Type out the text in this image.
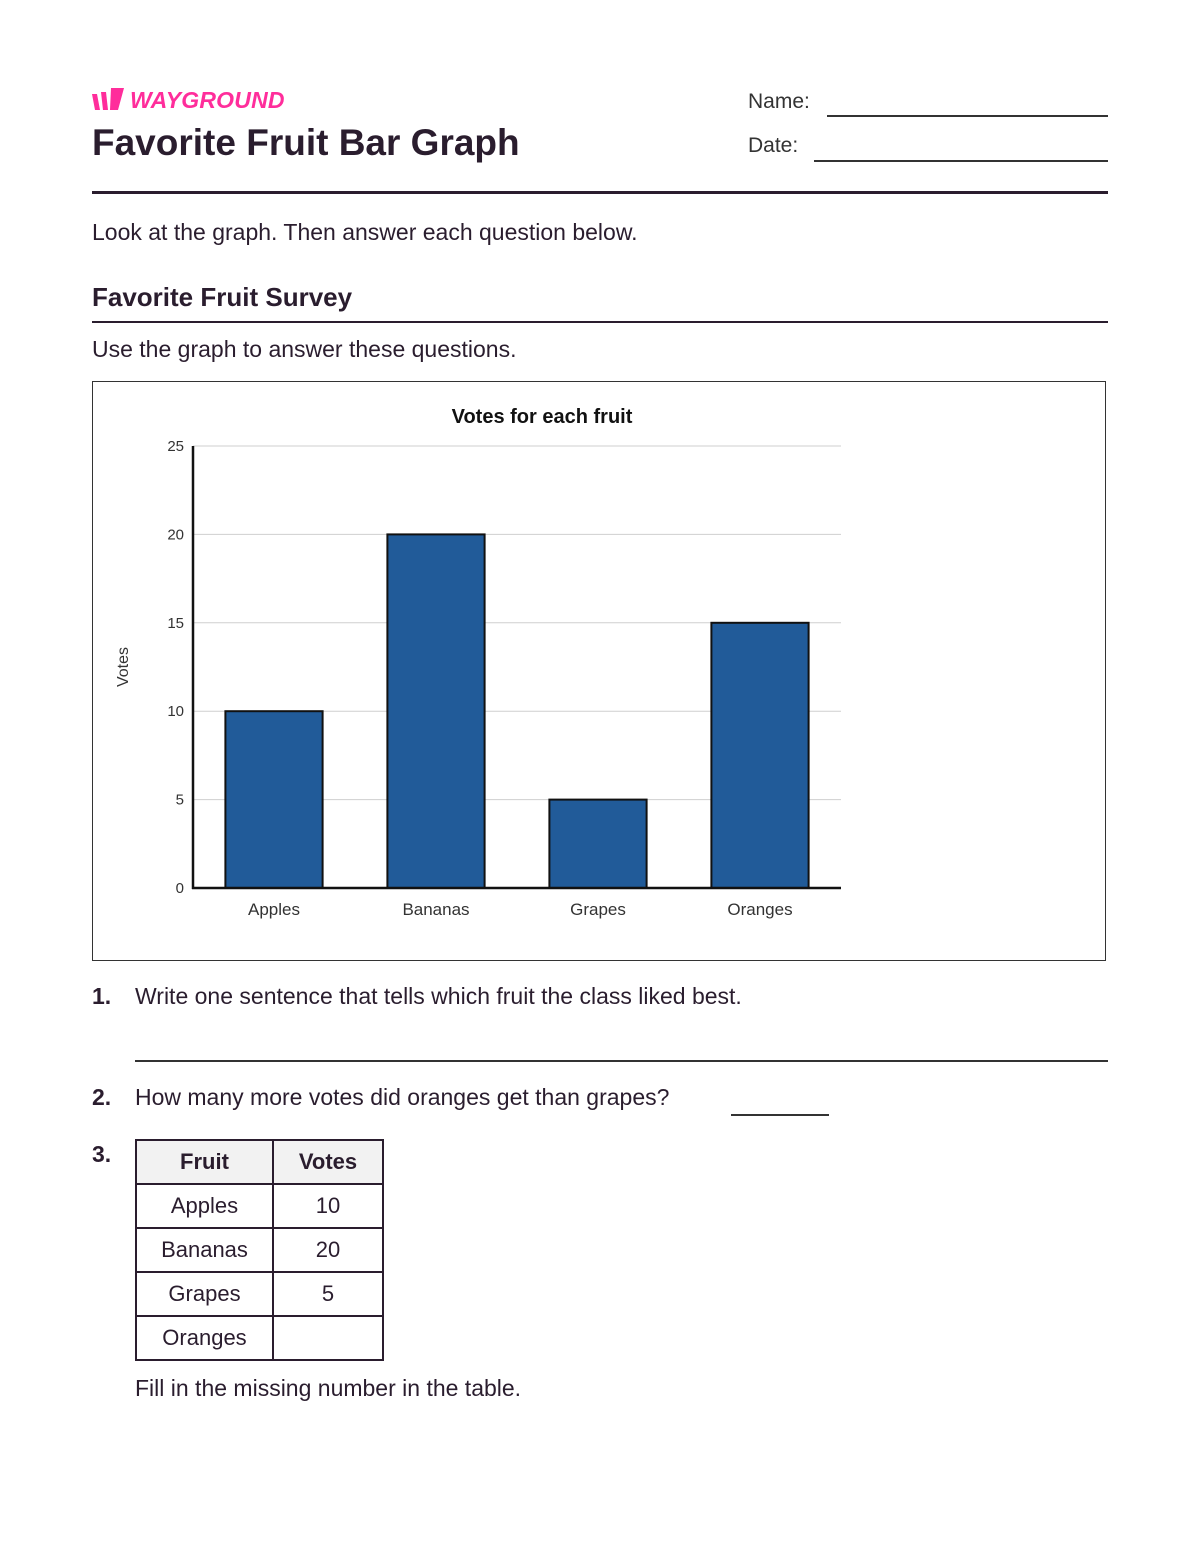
WAYGROUND
Favorite Fruit Bar Graph
Name:
Date:
Look at the graph. Then answer each question below.
Favorite Fruit Survey
Use the graph to answer these questions.
Votes for each fruit
Votes
0
5
10
15
20
25
Apples	Bananas	Grapes	Oranges
1. Write one sentence that tells which fruit the class liked best.
2. How many more votes did oranges get than grapes?
3.	Fruit	Votes
Apples	10
Bananas	20
Grapes	5
Oranges	
Fill in the missing number in the table.
